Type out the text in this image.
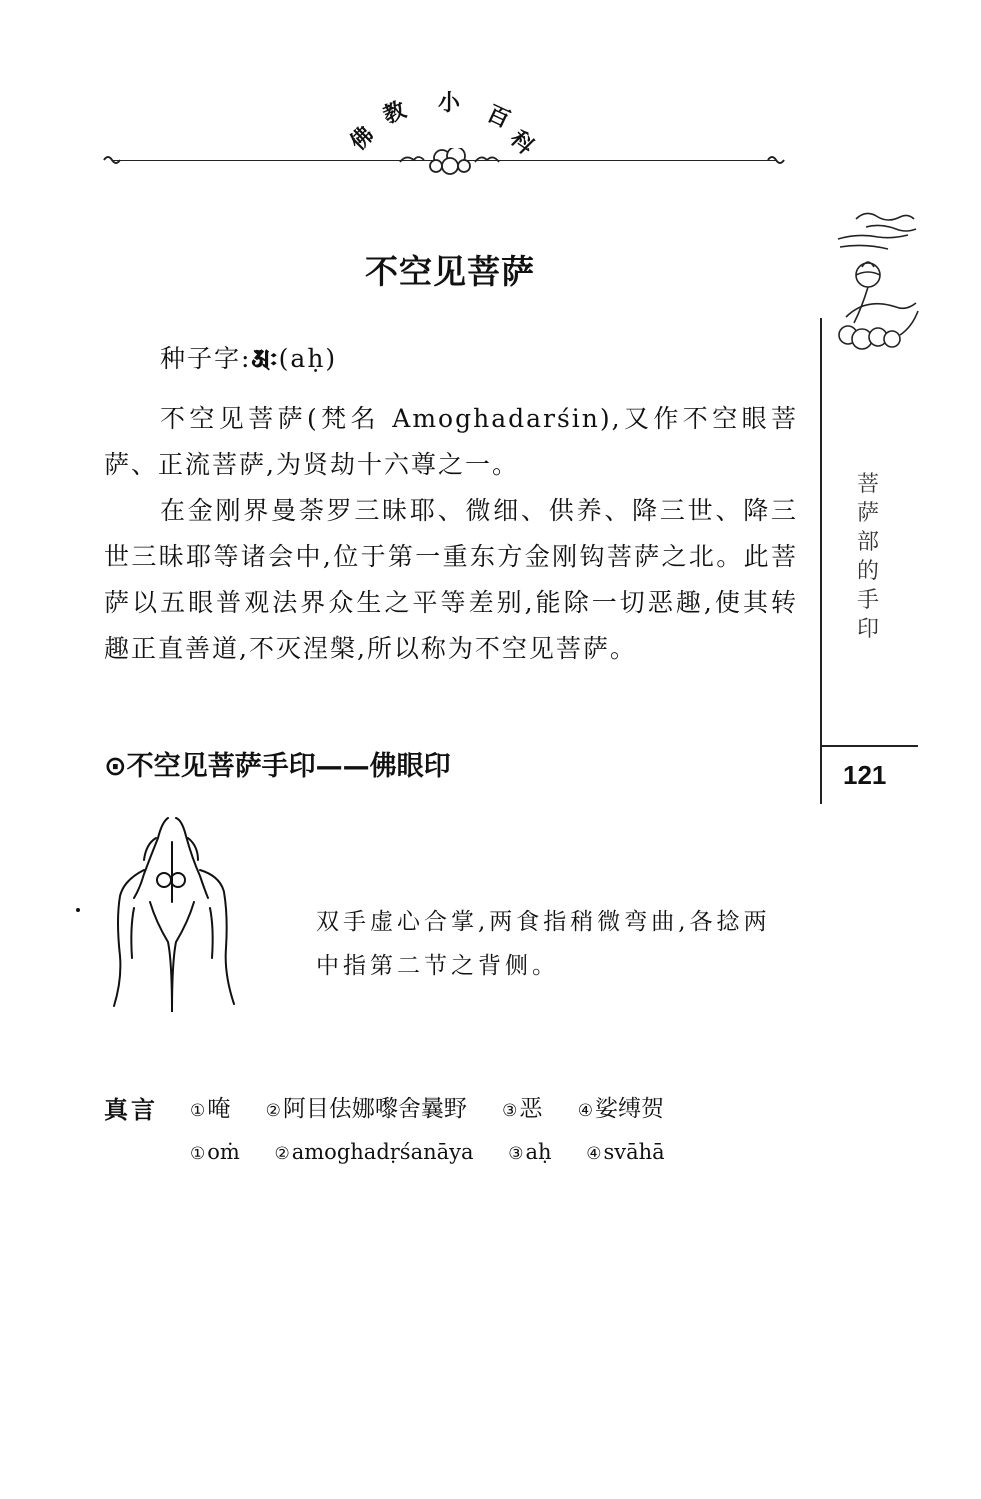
佛
教 小 百
科
菩
萨
部
的
手
印
121
不空见菩萨
种子字:𑖀𑖾(aḥ)
不空见菩萨(梵名 Amoghadarśin),又作不空眼菩萨、正流菩萨,为贤劫十六尊之一。
在金刚界曼荼罗三昧耶、微细、供养、降三世、降三世三昧耶等诸会中,位于第一重东方金刚钩菩萨之北。此菩萨以五眼普观法界众生之平等差别,能除一切恶趣,使其转趣正直善道,不灭涅槃,所以称为不空见菩萨。
⊙不空见菩萨手印——佛眼印
双手虚心合掌,两食指稍微弯曲,各捻两中指第二节之背侧。
真言 ①唵 ②阿目佉娜嚟舍曩野 ③恶 ④娑缚贺
①oṁ ②amoghadṛśanāya ③aḥ ④svāhā
